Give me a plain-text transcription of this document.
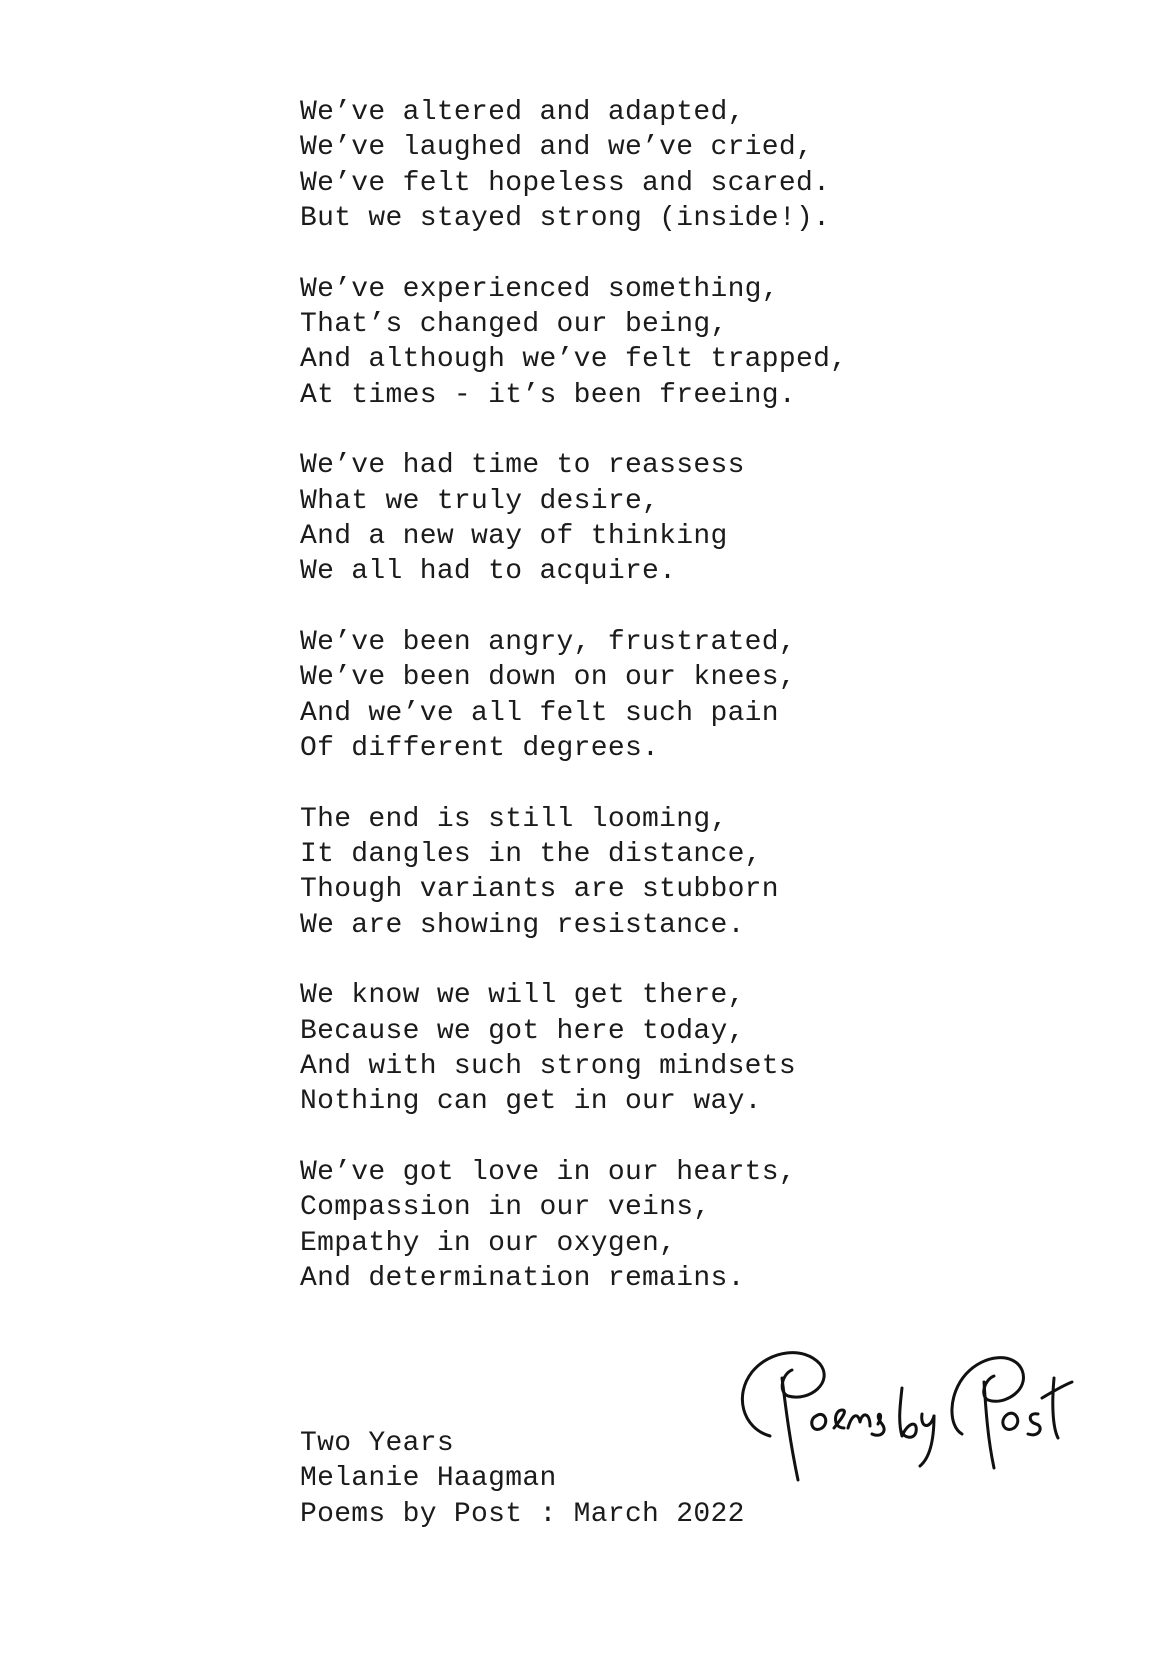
We’ve altered and adapted,
We’ve laughed and we’ve cried,
We’ve felt hopeless and scared.
But we stayed strong (inside!).
We’ve experienced something,
That’s changed our being,
And although we’ve felt trapped,
At times - it’s been freeing.
We’ve had time to reassess
What we truly desire,
And a new way of thinking
We all had to acquire.
We’ve been angry, frustrated,
We’ve been down on our knees,
And we’ve all felt such pain
Of different degrees.
The end is still looming,
It dangles in the distance,
Though variants are stubborn
We are showing resistance.
We know we will get there,
Because we got here today,
And with such strong mindsets
Nothing can get in our way.
We’ve got love in our hearts,
Compassion in our veins,
Empathy in our oxygen,
And determination remains.
Two Years
Melanie Haagman
Poems by Post : March 2022
